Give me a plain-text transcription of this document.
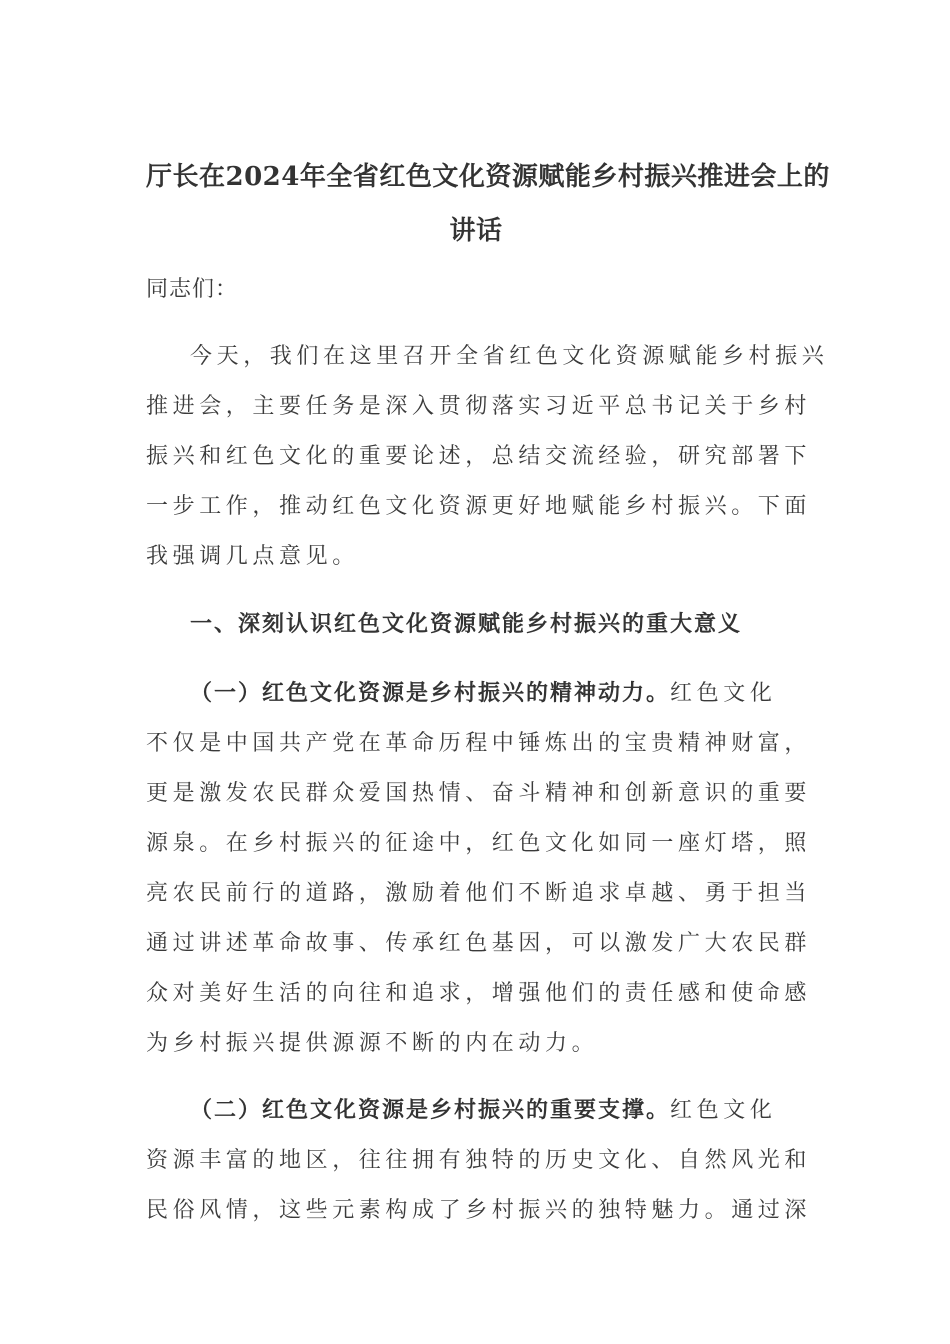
厅长在2024年全省红色文化资源赋能乡村振兴推进会上的
讲话

同志们：

今天，我们在这里召开全省红色文化资源赋能乡村振兴
推进会，主要任务是深入贯彻落实习近平总书记关于乡村
振兴和红色文化的重要论述，总结交流经验，研究部署下
一步工作，推动红色文化资源更好地赋能乡村振兴。下面
我强调几点意见。
一、深刻认识红色文化资源赋能乡村振兴的重大意义
（一）红色文化资源是乡村振兴的精神动力。红色文化
不仅是中国共产党在革命历程中锤炼出的宝贵精神财富，
更是激发农民群众爱国热情、奋斗精神和创新意识的重要
源泉。在乡村振兴的征途中，红色文化如同一座灯塔，照
亮农民前行的道路，激励着他们不断追求卓越、勇于担当
通过讲述革命故事、传承红色基因，可以激发广大农民群
众对美好生活的向往和追求，增强他们的责任感和使命感
为乡村振兴提供源源不断的内在动力。
（二）红色文化资源是乡村振兴的重要支撑。红色文化
资源丰富的地区，往往拥有独特的历史文化、自然风光和
民俗风情，这些元素构成了乡村振兴的独特魅力。通过深
